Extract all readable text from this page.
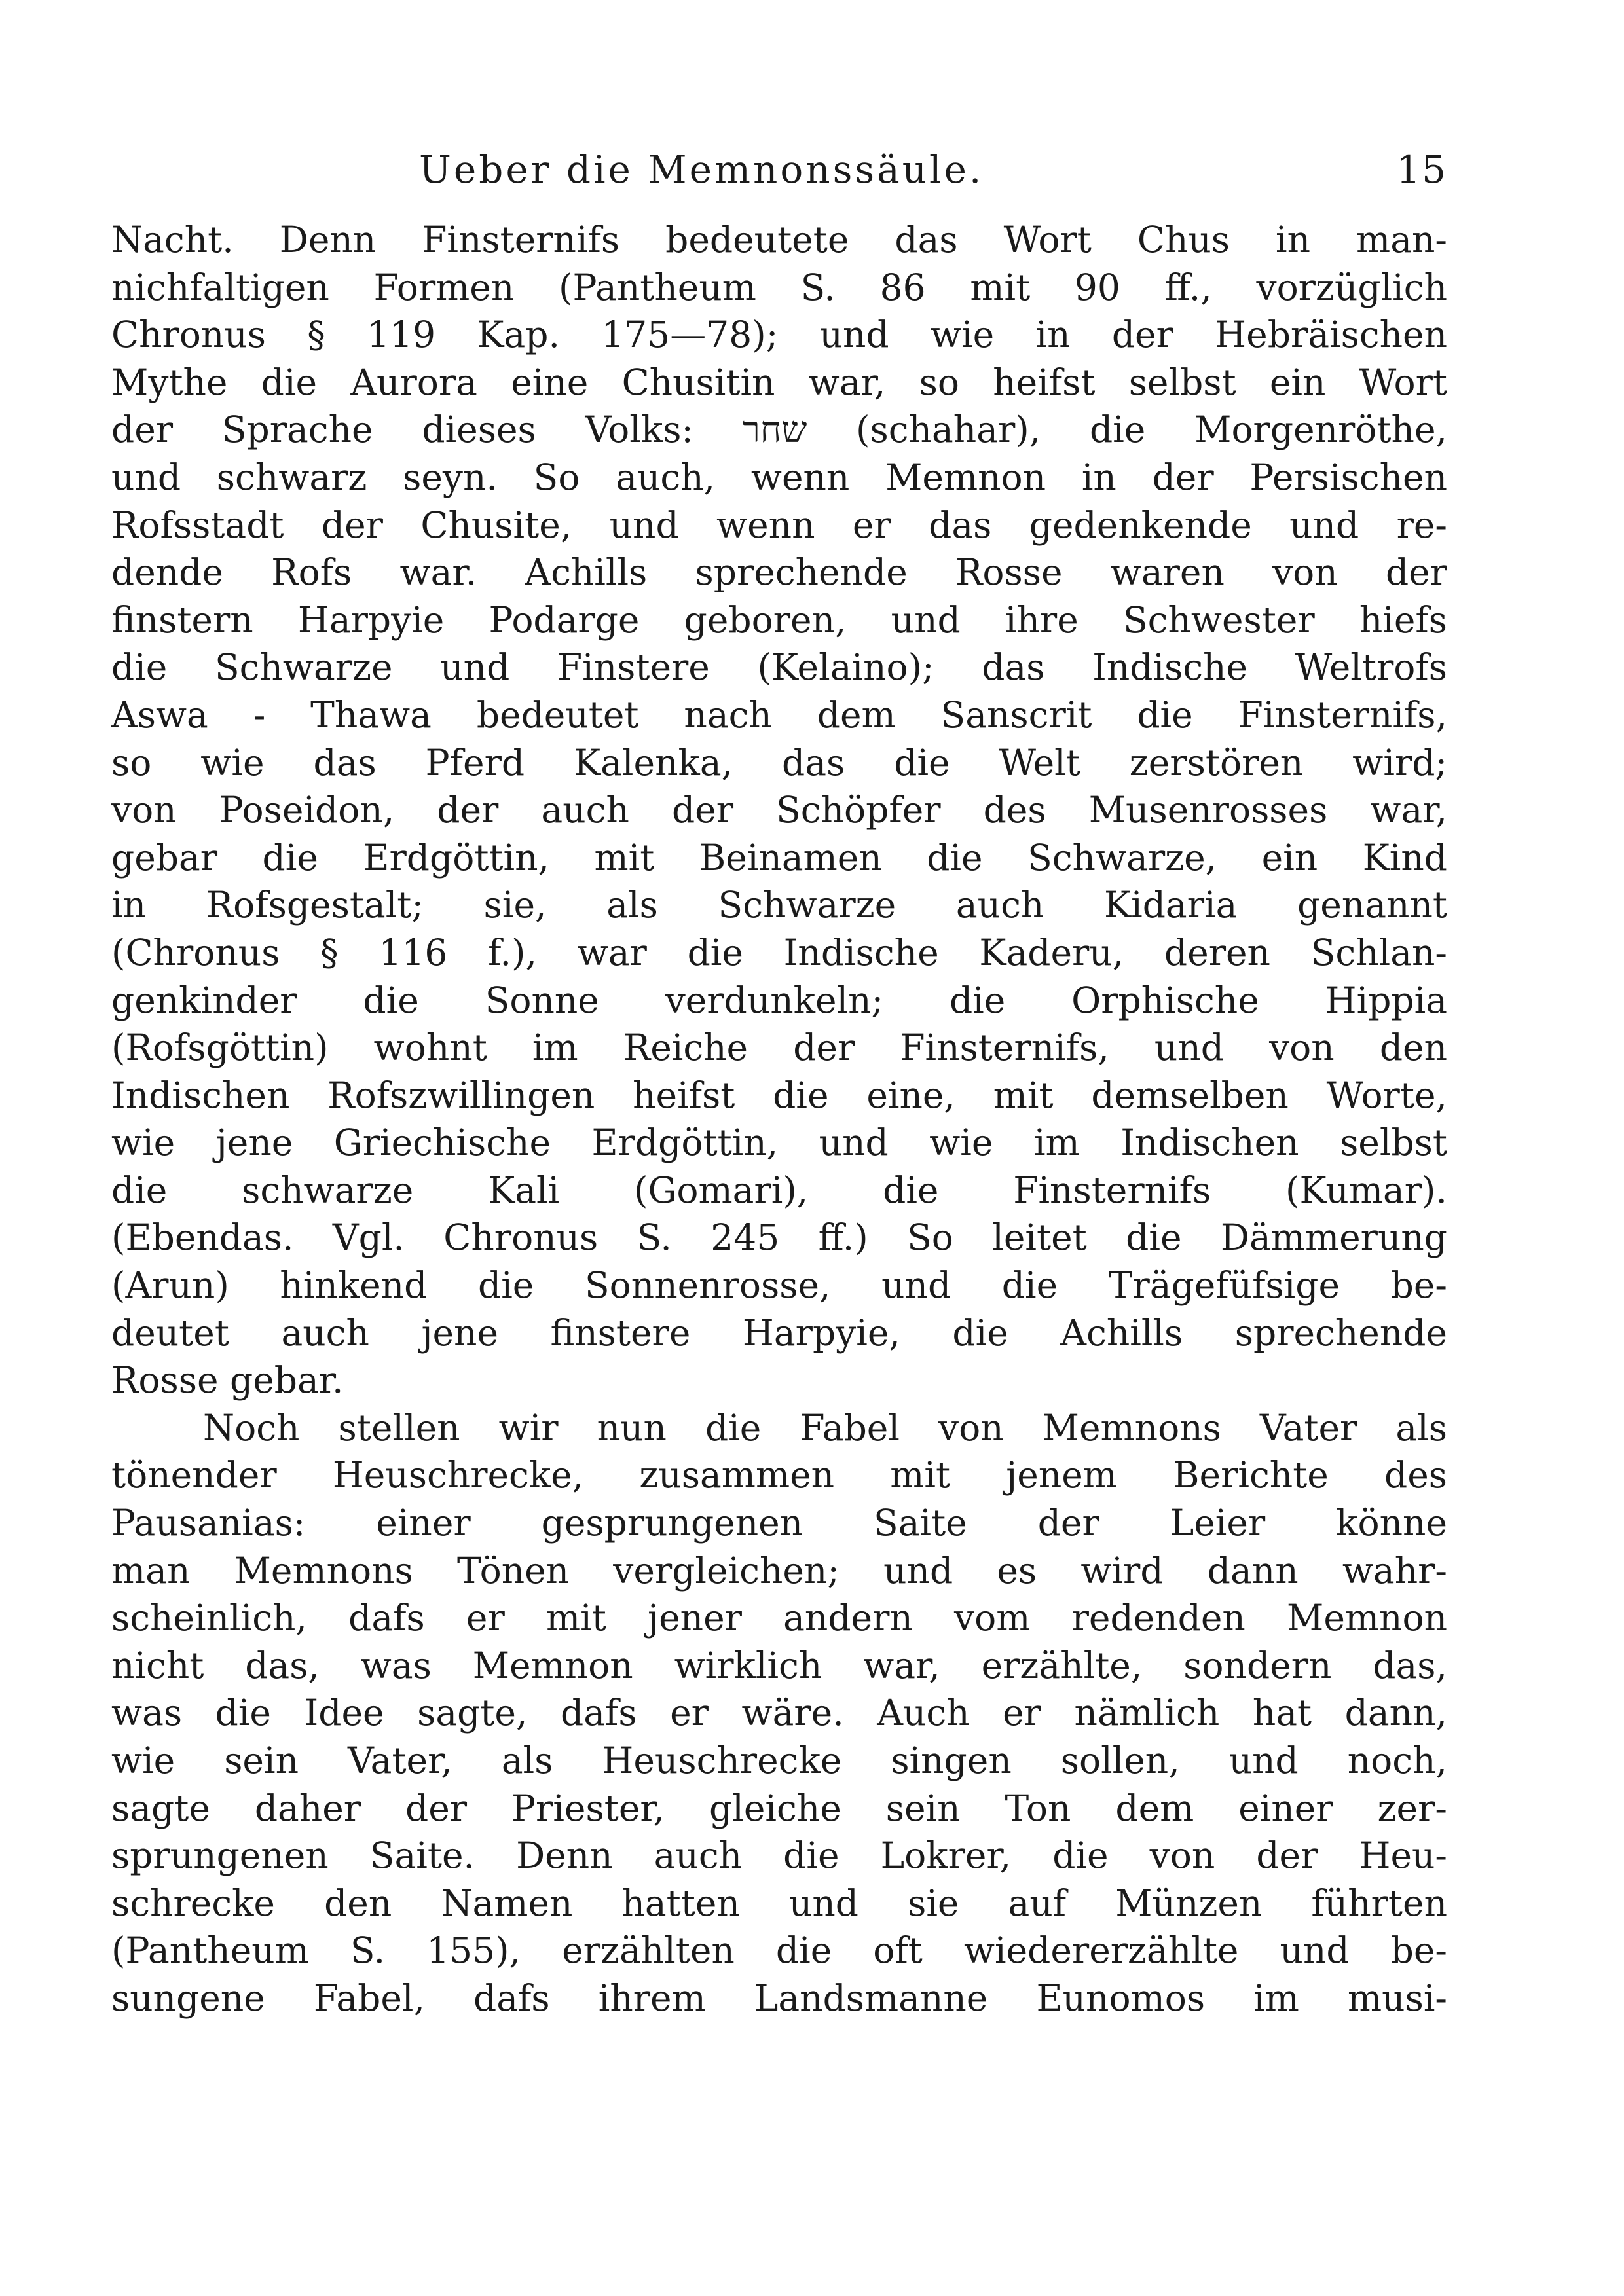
Ueber die Memnonssäule.	15
Nacht. Denn Finsternifs bedeutete das Wort Chus in man-
nichfaltigen Formen (Pantheum S. 86 mit 90 ff., vorzüglich
Chronus § 119 Kap. 175—78); und wie in der Hebräischen
Mythe die Aurora eine Chusitin war, so heifst selbst ein Wort
der Sprache dieses Volks: שחר (schahar), die Morgenröthe,
und schwarz seyn. So auch, wenn Memnon in der Persischen
Rofsstadt der Chusite, und wenn er das gedenkende und re-
dende Rofs war. Achills sprechende Rosse waren von der
finstern Harpyie Podarge geboren, und ihre Schwester hiefs
die Schwarze und Finstere (Kelaino); das Indische Weltrofs
Aswa - Thawa bedeutet nach dem Sanscrit die Finsternifs,
so wie das Pferd Kalenka, das die Welt zerstören wird;
von Poseidon, der auch der Schöpfer des Musenrosses war,
gebar die Erdgöttin, mit Beinamen die Schwarze, ein Kind
in Rofsgestalt; sie, als Schwarze auch Kidaria genannt
(Chronus § 116 f.), war die Indische Kaderu, deren Schlan-
genkinder die Sonne verdunkeln; die Orphische Hippia
(Rofsgöttin) wohnt im Reiche der Finsternifs, und von den
Indischen Rofszwillingen heifst die eine, mit demselben Worte,
wie jene Griechische Erdgöttin, und wie im Indischen selbst
die schwarze Kali (Gomari), die Finsternifs (Kumar).
(Ebendas. Vgl. Chronus S. 245 ff.) So leitet die Dämmerung
(Arun) hinkend die Sonnenrosse, und die Trägefüfsige be-
deutet auch jene finstere Harpyie, die Achills sprechende
Rosse gebar.
Noch stellen wir nun die Fabel von Memnons Vater als
tönender Heuschrecke, zusammen mit jenem Berichte des
Pausanias: einer gesprungenen Saite der Leier könne
man Memnons Tönen vergleichen; und es wird dann wahr-
scheinlich, dafs er mit jener andern vom redenden Memnon
nicht das, was Memnon wirklich war, erzählte, sondern das,
was die Idee sagte, dafs er wäre. Auch er nämlich hat dann,
wie sein Vater, als Heuschrecke singen sollen, und noch,
sagte daher der Priester, gleiche sein Ton dem einer zer-
sprungenen Saite. Denn auch die Lokrer, die von der Heu-
schrecke den Namen hatten und sie auf Münzen führten
(Pantheum S. 155), erzählten die oft wiedererzählte und be-
sungene Fabel, dafs ihrem Landsmanne Eunomos im musi-
